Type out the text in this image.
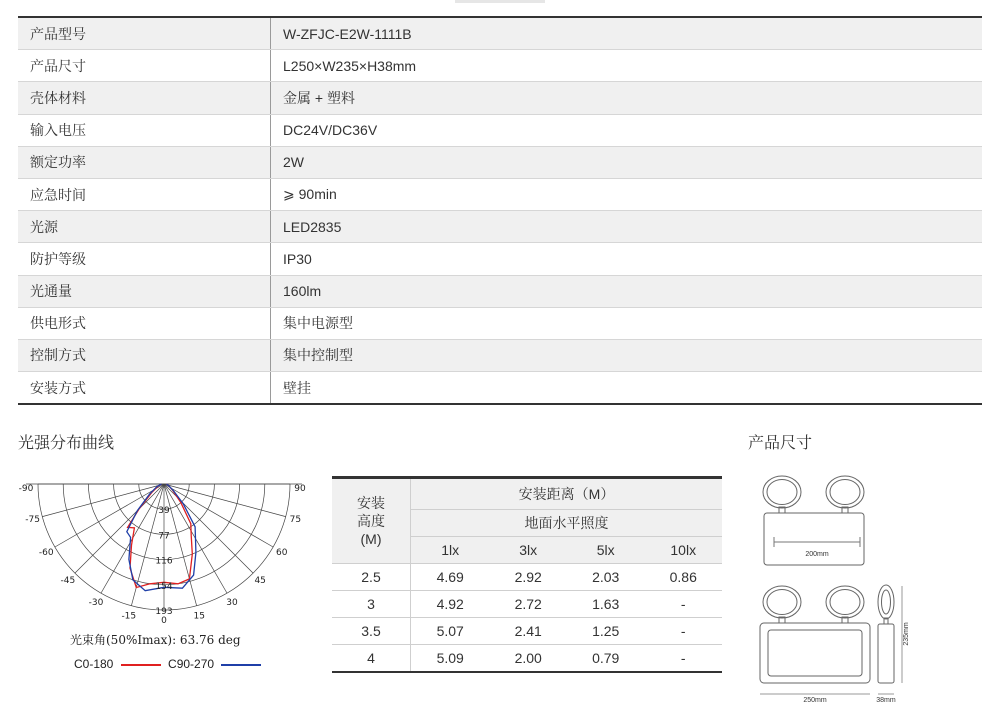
产品型号	W-ZFJC-E2W-1111B
产品尺寸	L250×W235×H38mm
壳体材料	金属 + 塑料
输入电压	DC24V/DC36V
额定功率	2W
应急时间	⩾ 90min
光源	LED2835
防护等级	IP30
光通量	160lm
供电形式	集中电源型
控制方式	集中控制型
安装方式	壁挂
光强分布曲线
-90
-75
-60
-45
-30
-15	0	15
30
45
60
75
90
39
77
116
154
193
光束角(50%Imax): 63.76 deg
C0-180	C90-270
安装
高度
(M)	安装距离（M）			
	地面水平照度			
	1lx	3lx	5lx	10lx
2.5	4.69	2.92	2.03	0.86
3	4.92	2.72	1.63	-
3.5	5.07	2.41	1.25	-
4	5.09	2.00	0.79	-
产品尺寸
200mm
250mm	38mm
235mm
